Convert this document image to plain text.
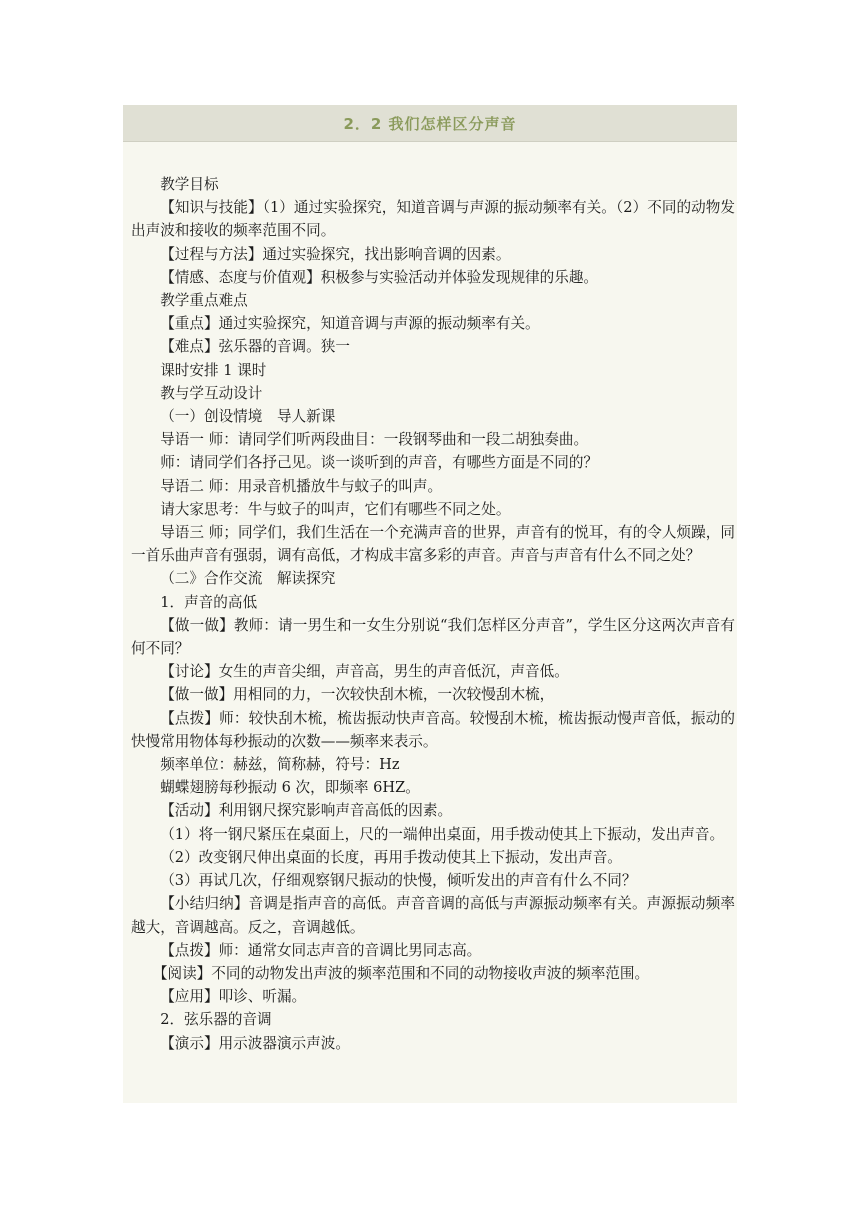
2．2 我们怎样区分声音

教学目标

【知识与技能】（1）通过实验探究，知道音调与声源的振动频率有关。（2）不同的动物发出声波和接收的频率范围不同。

【过程与方法】通过实验探究，找出影响音调的因素。

【情感、态度与价值观】积极参与实验活动并体验发现规律的乐趣。

教学重点难点

【重点】通过实验探究，知道音调与声源的振动频率有关。

【难点】弦乐器的音调。狭一

课时安排 1 课时

教与学互动设计

（一）创设情境　导人新课

导语一 师：请同学们听两段曲目：一段钢琴曲和一段二胡独奏曲。

师：请同学们各抒己见。谈一谈听到的声音，有哪些方面是不同的？

导语二 师：用录音机播放牛与蚊子的叫声。

请大家思考：牛与蚊子的叫声，它们有哪些不同之处。

导语三 师；同学们，我们生活在一个充满声音的世界，声音有的悦耳，有的令人烦躁，同一首乐曲声音有强弱，调有高低，才构成丰富多彩的声音。声音与声音有什么不同之处？

（二》合作交流　解读探究

1．声音的高低

【做一做】教师：请一男生和一女生分别说“我们怎样区分声音”，学生区分这两次声音有何不同？

【讨论】女生的声音尖细，声音高，男生的声音低沉，声音低。

【做一做】用相同的力，一次较快刮木梳，一次较慢刮木梳，

【点拨】师：较快刮木梳，梳齿振动快声音高。较慢刮木梳，梳齿振动慢声音低，振动的快慢常用物体每秒振动的次数——频率来表示。

频率单位：赫兹，简称赫，符号：Hz

蝴蝶翅膀每秒振动 6 次，即频率 6HZ。

【活动】利用钢尺探究影响声音高低的因素。

（1）将一钢尺紧压在桌面上，尺的一端伸出桌面，用手拨动使其上下振动，发出声音。

（2）改变钢尺伸出桌面的长度，再用手拨动使其上下振动，发出声音。

（3）再试几次，仔细观察钢尺振动的快慢，倾听发出的声音有什么不同？

【小结归纳】音调是指声音的高低。声音音调的高低与声源振动频率有关。声源振动频率越大，音调越高。反之，音调越低。

【点拨】师：通常女同志声音的音调比男同志高。

【阅读】不同的动物发出声波的频率范围和不同的动物接收声波的频率范围。

【应用】叩诊、听漏。

2．弦乐器的音调

【演示】用示波器演示声波。
